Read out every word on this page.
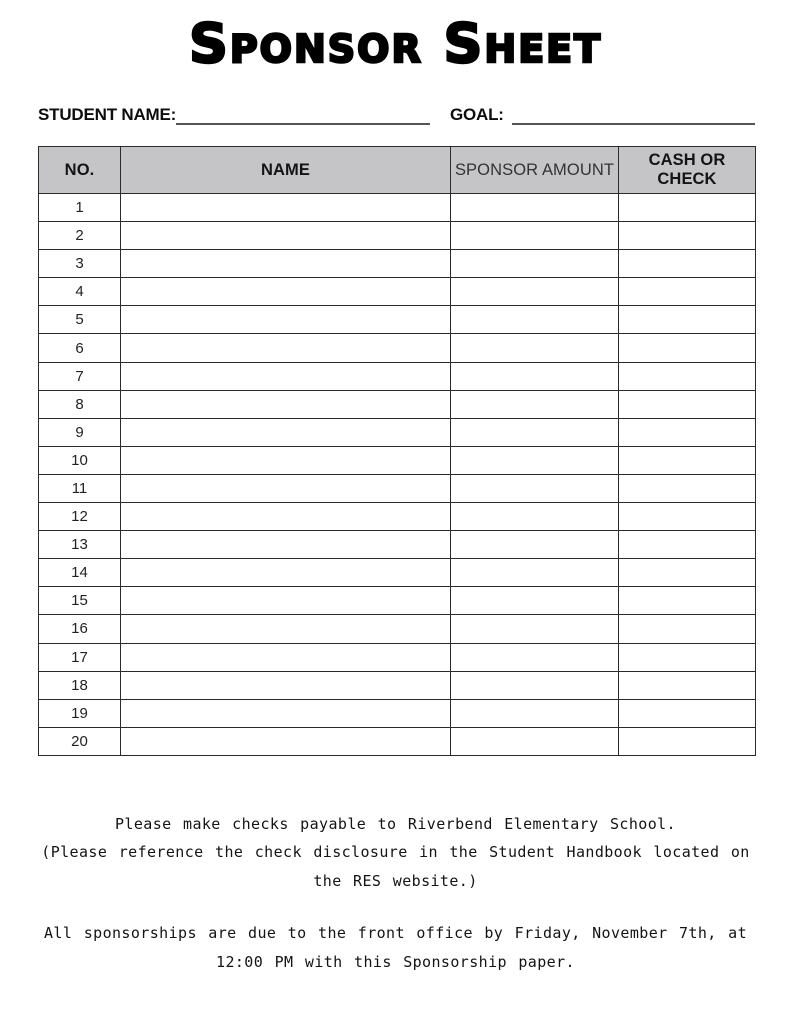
Sponsor Sheet
STUDENT NAME:	GOAL:
NO.	NAME	SPONSOR AMOUNT	CASH OR CHECK
1			
2			
3			
4			
5			
6			
7			
8			
9			
10			
11			
12			
13			
14			
15			
16			
17			
18			
19			
20			
Please make checks payable to Riverbend Elementary School.
(Please reference the check disclosure in the Student Handbook located on
the RES website.)
All sponsorships are due to the front office by Friday, November 7th, at
12:00 PM with this Sponsorship paper.
